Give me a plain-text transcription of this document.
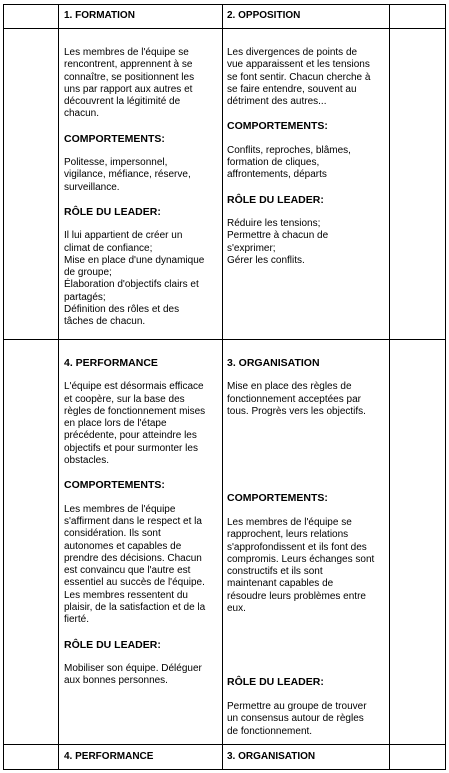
1. FORMATION	2. OPPOSITION
Les membres de l'équipe se
rencontrent, apprennent à se
connaître, se positionnent les
uns par rapport aux autres et
découvrent la légitimité de
chacun.
COMPORTEMENTS:
Politesse, impersonnel,
vigilance, méfiance, réserve,
surveillance.
RÔLE DU LEADER:
Il lui appartient de créer un
climat de confiance;
Mise en place d'une dynamique
de groupe;
Élaboration d'objectifs clairs et
partagés;
Définition des rôles et des
tâches de chacun.
Les divergences de points de
vue apparaissent et les tensions
se font sentir. Chacun cherche à
se faire entendre, souvent au
détriment des autres...
COMPORTEMENTS:
Conflits, reproches, blâmes,
formation de cliques,
affrontements, départs
RÔLE DU LEADER:
Réduire les tensions;
Permettre à chacun de
s'exprimer;
Gérer les conflits.
4. PERFORMANCE
L'équipe est désormais efficace
et coopère, sur la base des
règles de fonctionnement mises
en place lors de l'étape
précédente, pour atteindre les
objectifs et pour surmonter les
obstacles.
COMPORTEMENTS:
Les membres de l'équipe
s'affirment dans le respect et la
considération. Ils sont
autonomes et capables de
prendre des décisions. Chacun
est convaincu que l'autre est
essentiel au succès de l'équipe.
Les membres ressentent du
plaisir, de la satisfaction et de la
fierté.
RÔLE DU LEADER:
Mobiliser son équipe. Déléguer
aux bonnes personnes.
3. ORGANISATION
Mise en place des règles de
fonctionnement acceptées par
tous. Progrès vers les objectifs.
COMPORTEMENTS:
Les membres de l'équipe se
rapprochent, leurs relations
s'approfondissent et ils font des
compromis. Leurs échanges sont
constructifs et ils sont
maintenant capables de
résoudre leurs problèmes entre
eux.
RÔLE DU LEADER:
Permettre au groupe de trouver
un consensus autour de règles
de fonctionnement.
4. PERFORMANCE	3. ORGANISATION
